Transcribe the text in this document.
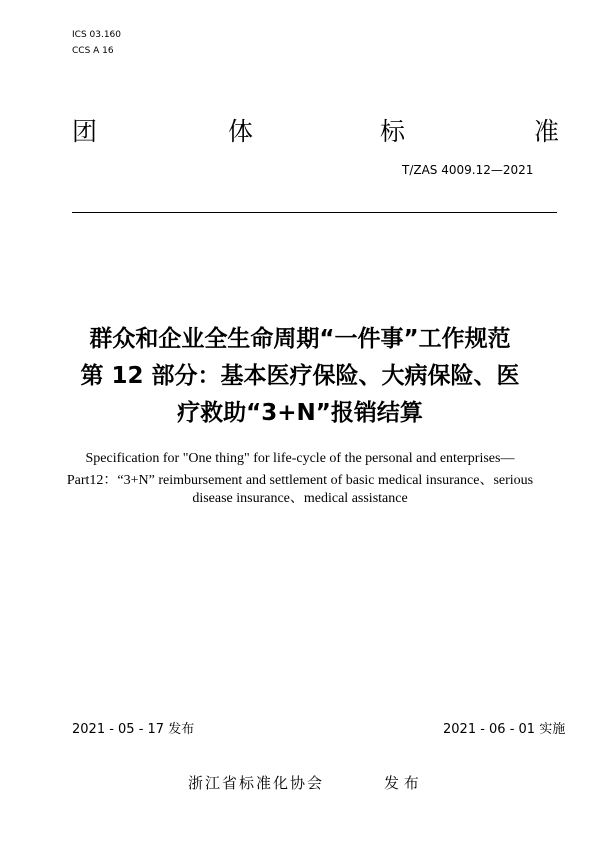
ICS 03.160
CCS A 16
团	体	标	准
T/ZAS 4009.12—2021
群众和企业全生命周期“一件事”工作规范
第 12 部分：基本医疗保险、大病保险、医
疗救助“3+N”报销结算
Specification for "One thing" for life-cycle of the personal and enterprises—
Part12：“3+N” reimbursement and settlement of basic medical insurance、serious
disease insurance、medical assistance
2021 - 05 - 17 发布	2021 - 06 - 01 实施
浙江省标准化协会	发 布
